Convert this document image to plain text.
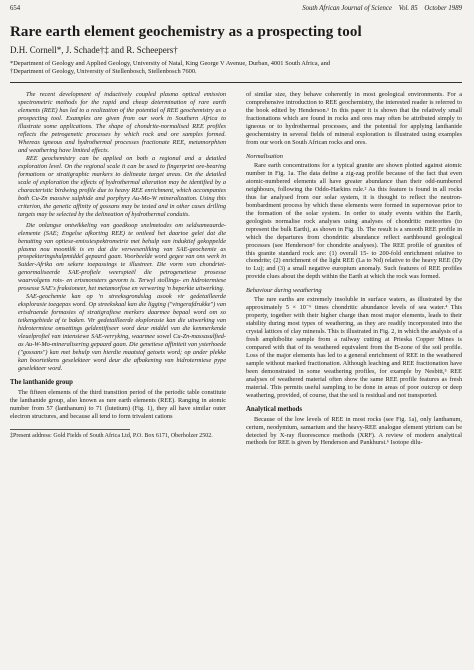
654	South African Journal of Science    Vol. 85    October 1989
Rare earth element geochemistry as a prospecting tool
D.H. Cornell*, J. Schade†‡ and R. Scheepers†
*Department of Geology and Applied Geology, University of Natal, King George V Avenue, Durban, 4001 South Africa, and
†Department of Geology, University of Stellenbosch, Stellenbosch 7600.

The recent development of inductively coupled plasma optical emission spectrometric methods for the rapid and cheap determination of rare earth elements (REE) has led to a realization of the potential of REE geochemistry as a prospecting tool. Examples are given from our work in Southern Africa to illustrate some applications. The shape of chondrite-normalised REE profiles reflects the petrogenetic processes by which rock and ore samples formed. Whereas igneous and hydrothermal processes fractionate REE, metamorphism and weathering have limited effects.

REE geochemistry can be applied on both a regional and a detailed exploration level. On the regional scale it can be used to fingerprint ore-bearing formations or stratigraphic markers to delineate target areas. On the detailed scale of exploration the effects of hydrothermal alteration may be identified by a characteristic birdwing profile due to heavy REE enrichment, which accompanies both Cu-Zn massive sulphide and porphyry Au-Mo-W mineralization. Using this criterion, the genetic affinity of gossans may be tested and in other cases drilling targets may be selected by the delineation of hydrothermal conduits.

Die onlangse ontwikkeling van goedkoop snelmetodes om seldsameaarde-elemente (SAE; Engelse afkorting REE) te ontleed het daartoe gelei dat die benutting van optiese-emissiespektrometrie met behulp van induktief gekoppelde plasma nou moontlik is en dat die verwesenliking van SAE-geochemie as prospekteringshulpmiddel gepaard gaan. Voorbeelde word gegee van ons werk in Suider-Afrika om sekere toepassings te illustreer. Die vorm van chondriet-genormaliseerde SAE-profiele weerspieël die petrogenetiese prosesse waarvolgens rots- en ertsmonsters gevorm is. Terwyl stollings- en hidrotermiese prosesse SAE's fraksioneer, het metamorfose en verwering 'n beperkte uitwerking.

SAE-geochemie kan op 'n streeksgrondslag asook vir gedetailleerde eksplorasie toegepas word. Op streekskaal kan die ligging ("vingerafdrukke") van ertsdraende formasies of stratigrafiese merkers daarmee bepaal word om so teikengebiede af te baken. Vir gedetailleerde eksplorasie kan die uitwerking van hidrotermiese omsettings geldentifiseer word deur middel van die kenmerkende vleuelprofiel van intensiewe SAE-verryking, waarmee sowel Cu-Zn-massasulfied- as Au-W-Mo-mineralisering gepaard gaan. Die genetiese affiniteit van ysterhoede ("gossans") kan met behulp van hierdie maatstaf getoets word; op ander plekke kan boorteikens geselekteer word deur die afbakening van hidrotermiese pype geselekteer word.

The lanthanide group

The fifteen elements of the third transition period of the periodic table constitute the lanthanide group, also known as rare earth elements (REE). Ranging in atomic number from 57 (lanthanum) to 71 (lutetium) (Fig. 1), they all have similar outer electron structures, and because all tend to form trivalent cations

‡Present address: Gold Fields of South Africa Ltd, P.O. Box 6171, Oberholzer 2502.

of similar size, they behave coherently in most geological environments. For a comprehensive introduction to REE geochemistry, the interested reader is referred to the book edited by Henderson.¹ In this paper it is shown that the relatively small fractionations which are found in rocks and ores may often be attributed simply to igneous or to hydrothermal processes, and the potential for applying lanthanide geochemistry in several fields of mineral exploration is illustrated using examples from our work on South African rocks and ores.

Normalisation

Rare earth concentrations for a typical granite are shown plotted against atomic number in Fig. 1a. The data define a zig-zag profile because of the fact that even atomic-numbered elements all have greater abundance than their odd-numbered neighbours, following the Oddo-Harkins rule.² As this feature is found in all rocks thus far analysed from our solar system, it is thought to reflect the neutron-bombardment process by which these elements were formed in supernovae prior to the formation of the solar system. In order to study events within the Earth, geologists normalise rock analyses using analyses of chondritic meteorites (to represent the bulk Earth), as shown in Fig. 1b. The result is a smooth REE profile in which the departures from chondritic abundance reflect earthbound geological processes (see Henderson³ for chondrite analyses). The REE profile of granites of this granite standard rock are: (1) overall 15- to 200-fold enrichment relative to chondrite; (2) enrichment of the light REE (La to Nd) relative to the heavy REE (Dy to Lu); and (3) a small negative europium anomaly. Such features of REE profiles provide clues about the depth within the Earth at which the rock was formed.

Behaviour during weathering

The rare earths are extremely insoluble in surface waters, as illustrated by the approximately 5 × 10⁻⁶ times chondritic abundance levels of sea water.⁴ This property, together with their higher charge than most major elements, leads to their stability during most types of weathering, as they are readily incorporated into the crystal lattices of clay minerals. This is illustrated in Fig. 2, in which the analysis of a fresh amphibolite sample from a railway cutting at Prieska Copper Mines is compared with that of its weathered equivalent from the B-zone of the soil profile. Loss of the major elements has led to a general enrichment of REE in the weathered sample without marked fractionation. Although leaching and REE fractionation have been demonstrated in some weathering profiles, for example by Nesbitt,⁵ REE analyses of weathered material often show the same REE profile features as fresh material. This permits useful sampling to be done in areas of poor outcrop or deep weathering, provided, of course, that the soil is residual and not transported.

Analytical methods

Because of the low levels of REE in most rocks (see Fig. 1a), only lanthanum, cerium, neodymium, samarium and the heavy-REE analogue element yttrium can be detected by X-ray fluorescence methods (XRF). A review of modern analytical methods for REE is given by Henderson and Pankhurst.⁶ Isotope dilu-
